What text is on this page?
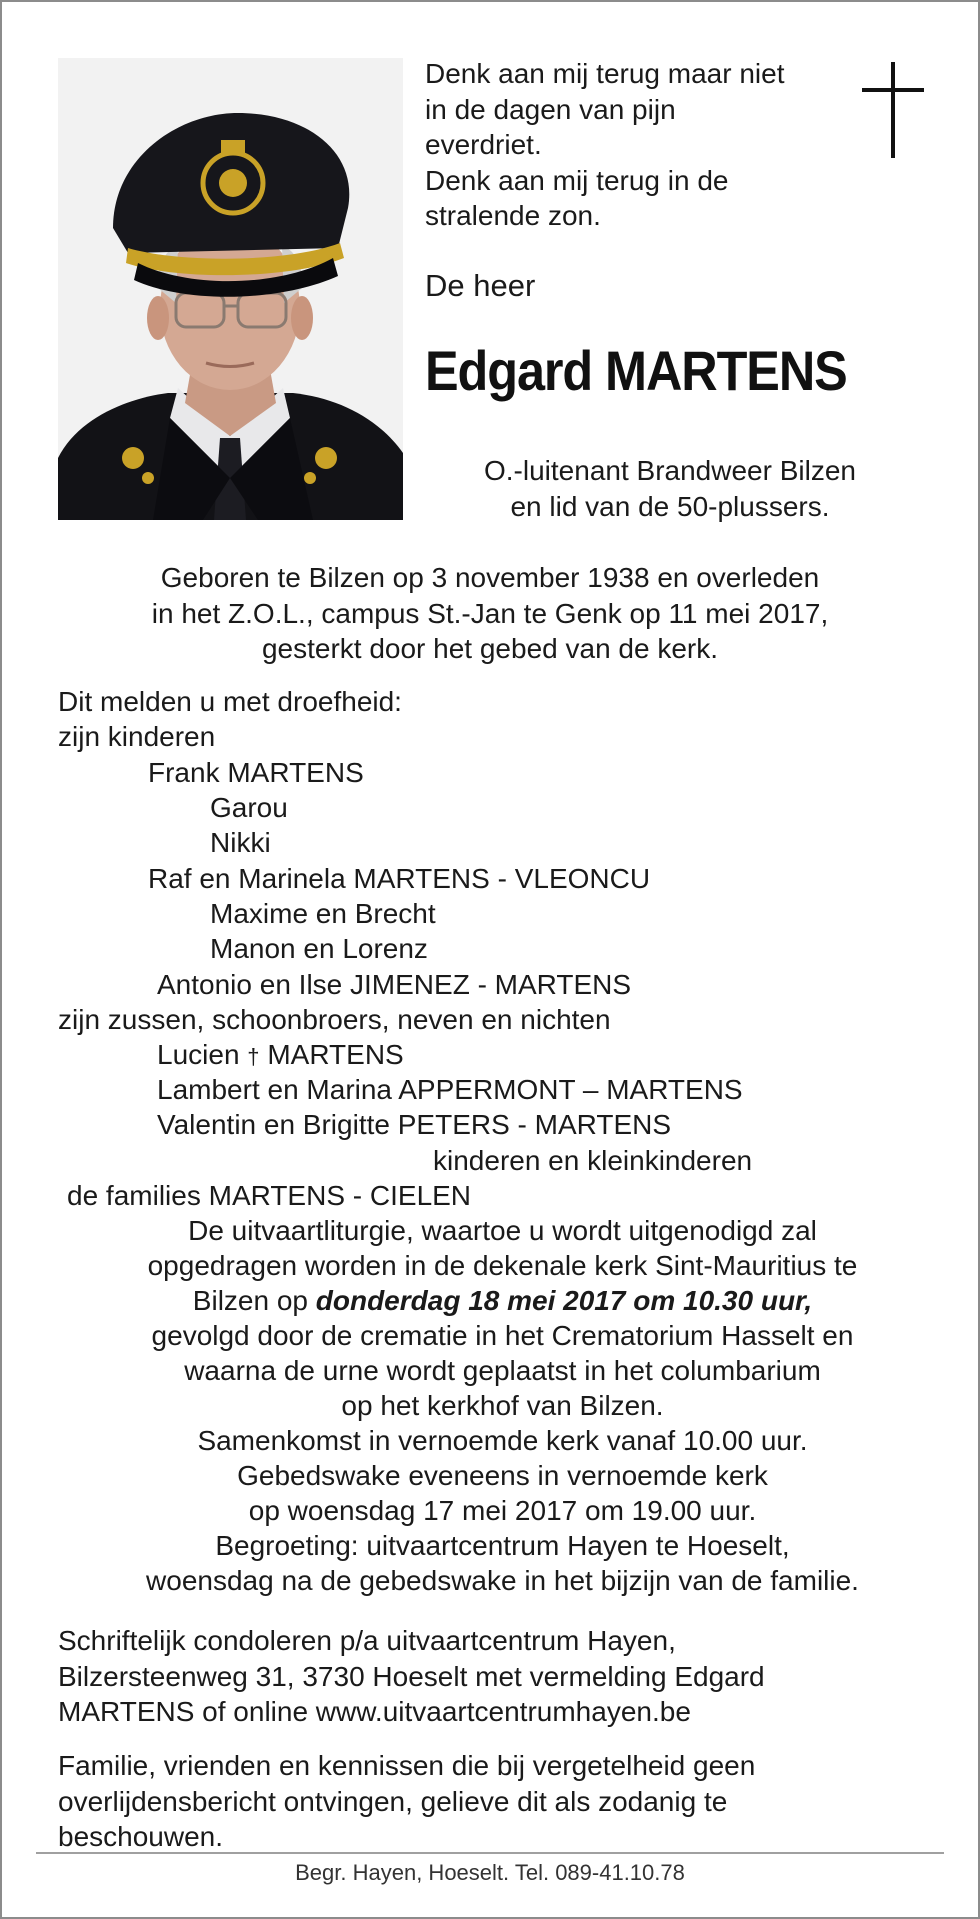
Denk aan mij terug maar niet
in de dagen van pijn
everdriet.
Denk aan mij terug in de
stralende zon.
De heer
Edgard MARTENS
O.-luitenant Brandweer Bilzen
en lid van de 50-plussers.
Geboren te Bilzen op 3 november 1938 en overleden
in het Z.O.L., campus St.-Jan te Genk op 11 mei 2017,
gesterkt door het gebed van de kerk.
Dit melden u met droefheid:
zijn kinderen
Frank MARTENS
Garou
Nikki
Raf en Marinela MARTENS - VLEONCU
Maxime en Brecht
Manon en Lorenz
Antonio en Ilse JIMENEZ - MARTENS
zijn zussen, schoonbroers, neven en nichten
Lucien † MARTENS
Lambert en Marina APPERMONT – MARTENS
Valentin en Brigitte PETERS - MARTENS
kinderen en kleinkinderen
de families MARTENS - CIELEN
De uitvaartliturgie, waartoe u wordt uitgenodigd zal
opgedragen worden in de dekenale kerk Sint-Mauritius te
Bilzen op donderdag 18 mei 2017 om 10.30 uur,
gevolgd door de crematie in het Crematorium Hasselt en
waarna de urne wordt geplaatst in het columbarium
op het kerkhof van Bilzen.
Samenkomst in vernoemde kerk vanaf 10.00 uur.
Gebedswake eveneens in vernoemde kerk
op woensdag 17 mei 2017 om 19.00 uur.
Begroeting: uitvaartcentrum Hayen te Hoeselt,
woensdag na de gebedswake in het bijzijn van de familie.
Schriftelijk condoleren p/a uitvaartcentrum Hayen,
Bilzersteenweg 31, 3730 Hoeselt met vermelding Edgard
MARTENS of online www.uitvaartcentrumhayen.be
Familie, vrienden en kennissen die bij vergetelheid geen
overlijdensbericht ontvingen, gelieve dit als zodanig te
beschouwen.
Begr. Hayen, Hoeselt. Tel. 089-41.10.78
